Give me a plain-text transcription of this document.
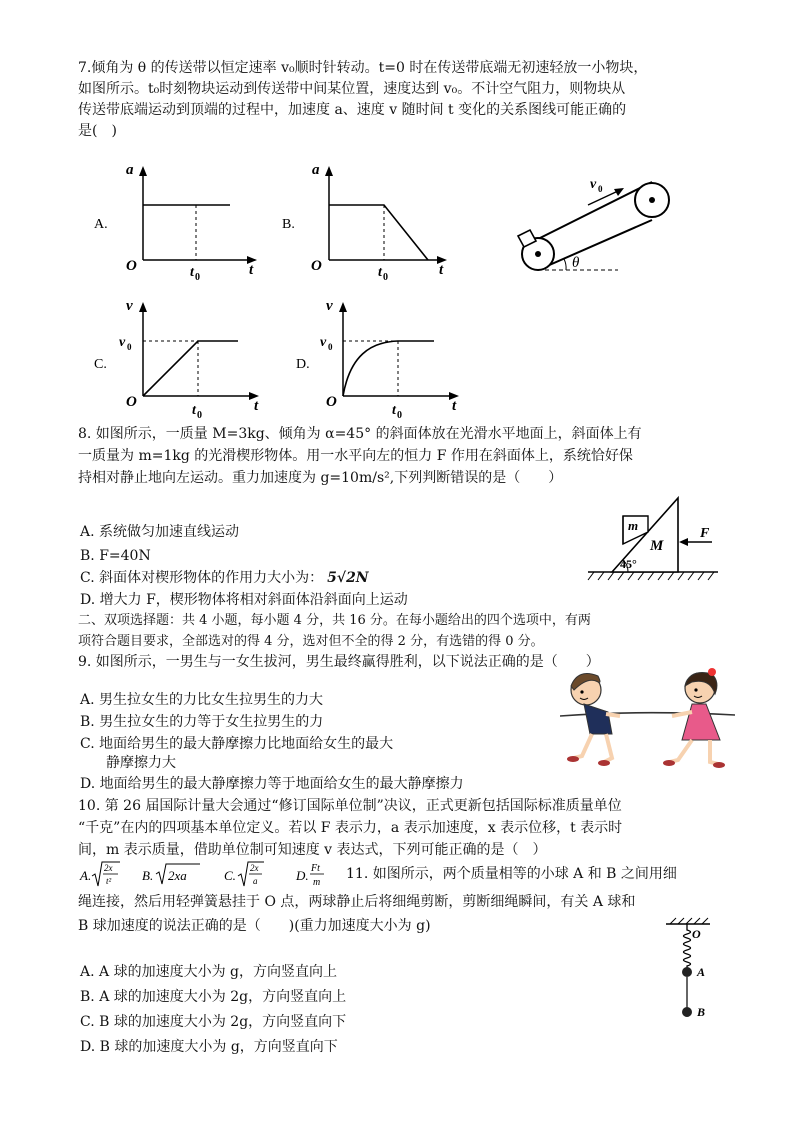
7.倾角为 θ 的传送带以恒定速率 v₀顺时针转动。t=0 时在传送带底端无初速轻放一小物块，
如图所示。t₀时刻物块运动到传送带中间某位置，速度达到 v₀。不计空气阻力，则物块从
传送带底端运动到顶端的过程中，加速度 a、速度 v 随时间 t 变化的关系图线可能正确的
是(　)
A.
a
O	t
t 0
B.
a
O	t
t 0
v 0
θ
C.
v
v 0
O	t
t 0
D.
v
v 0
O	t
t 0
8. 如图所示，一质量 M=3kg、倾角为 α=45° 的斜面体放在光滑水平地面上，斜面体上有
一质量为 m=1kg 的光滑楔形物体。用一水平向左的恒力 F 作用在斜面体上，系统恰好保
持相对静止地向左运动。重力加速度为 g=10m/s²,下列判断错误的是（　　）
A. 系统做匀加速直线运动
B. F=40N
C. 斜面体对楔形物体的作用力大小为： 5√2N
D. 增大力 F，楔形物体将相对斜面体沿斜面向上运动
m
M
45°
F
二、双项选择题：共 4 小题，每小题 4 分，共 16 分。在每小题给出的四个选项中，有两
项符合题目要求，全部选对的得 4 分，选对但不全的得 2 分，有选错的得 0 分。
9. 如图所示，一男生与一女生拔河，男生最终赢得胜利，以下说法正确的是（　　）
A. 男生拉女生的力比女生拉男生的力大
B. 男生拉女生的力等于女生拉男生的力
C. 地面给男生的最大静摩擦力比地面给女生的最大
静摩擦力大
D. 地面给男生的最大静摩擦力等于地面给女生的最大静摩擦力
10. 第 26 届国际计量大会通过“修订国际单位制”决议，正式更新包括国际标准质量单位
“千克”在内的四项基本单位定义。若以 F 表示力，a 表示加速度，x 表示位移，t 表示时
间，m 表示质量，借助单位制可知速度 v 表达式，下列可能正确的是（　）
A. 2x
t² B. 2xa	C. 2x
a	D. Ft
m
11. 如图所示，两个质量相等的小球 A 和 B 之间用细
绳连接，然后用轻弹簧悬挂于 O 点，两球静止后将细绳剪断，剪断细绳瞬间，有关 A 球和
B 球加速度的说法正确的是（　　)(重力加速度大小为 g)
A. A 球的加速度大小为 g，方向竖直向上
B. A 球的加速度大小为 2g，方向竖直向上
C. B 球的加速度大小为 2g，方向竖直向下
D. B 球的加速度大小为 g，方向竖直向下
O
A
B
